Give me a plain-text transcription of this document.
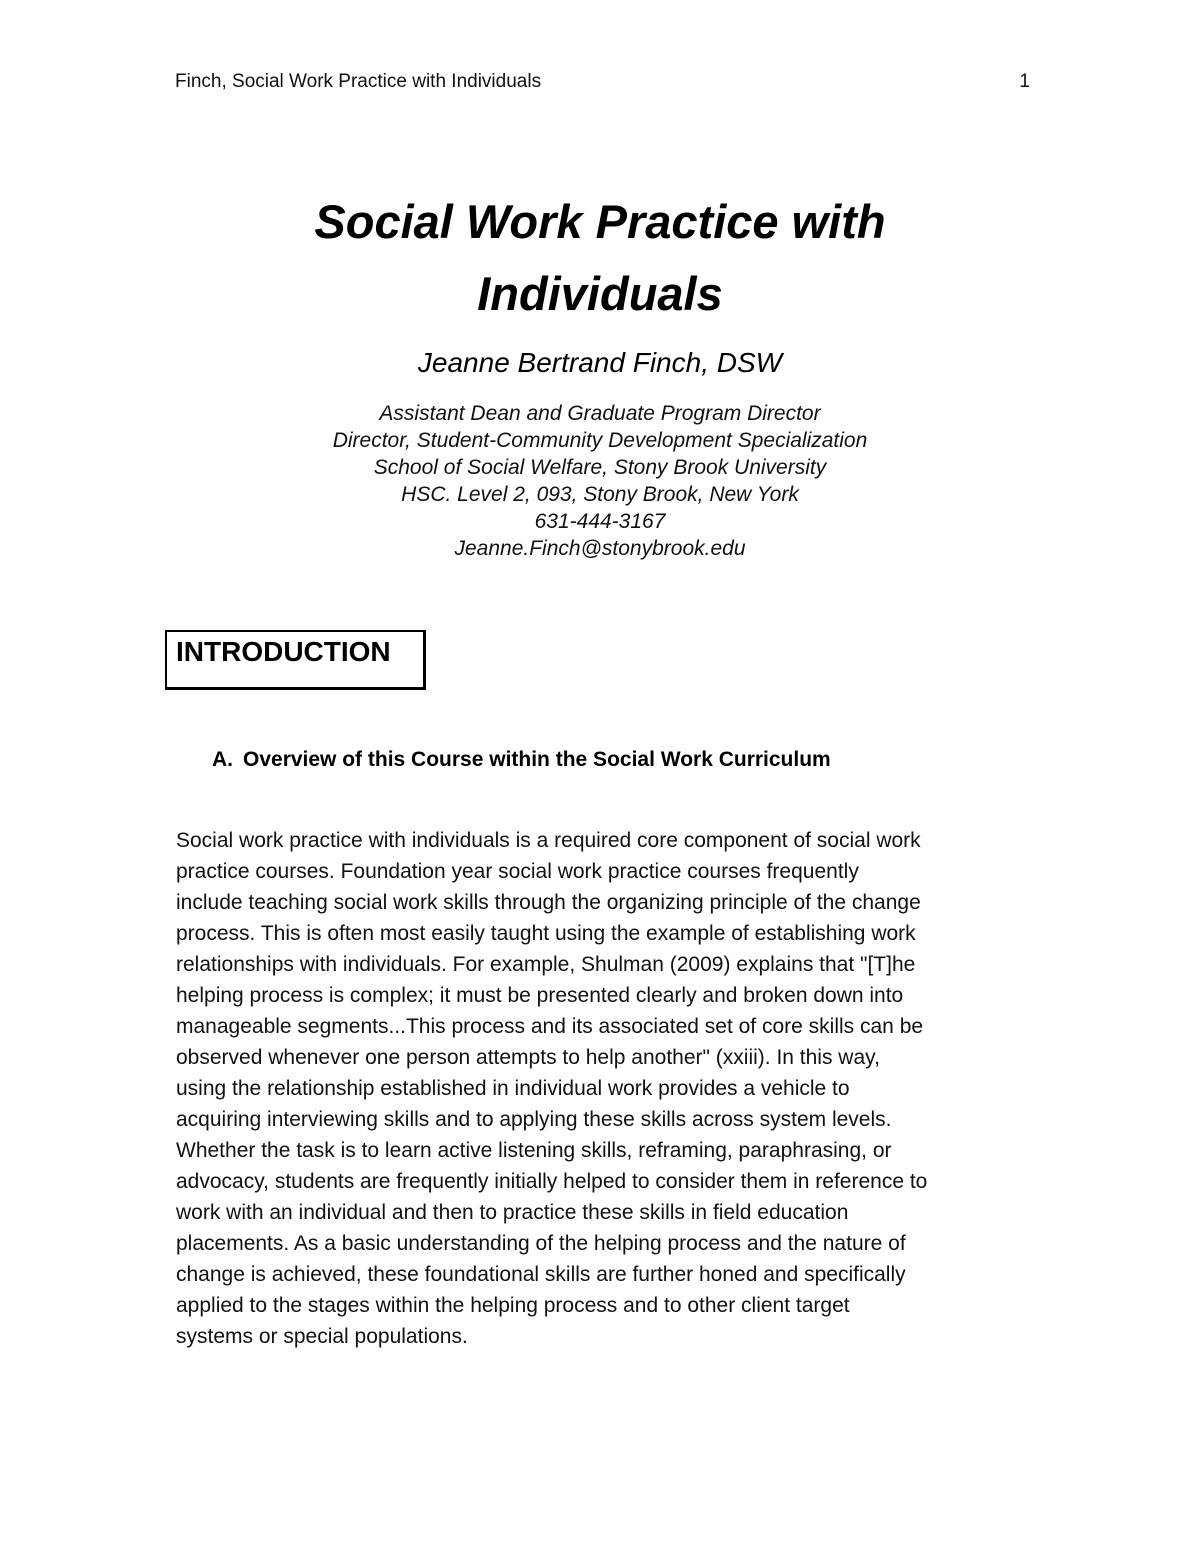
Finch, Social Work Practice with Individuals	1
Social Work Practice with
Individuals
Jeanne Bertrand Finch, DSW
Assistant Dean and Graduate Program Director
Director, Student-Community Development Specialization
School of Social Welfare, Stony Brook University
HSC. Level 2, 093, Stony Brook, New York
631-444-3167
Jeanne.Finch@stonybrook.edu
INTRODUCTION
A. Overview of this Course within the Social Work Curriculum
Social work practice with individuals is a required core component of social work
practice courses. Foundation year social work practice courses frequently
include teaching social work skills through the organizing principle of the change
process. This is often most easily taught using the example of establishing work
relationships with individuals. For example, Shulman (2009) explains that "[T]he
helping process is complex; it must be presented clearly and broken down into
manageable segments...This process and its associated set of core skills can be
observed whenever one person attempts to help another" (xxiii). In this way,
using the relationship established in individual work provides a vehicle to
acquiring interviewing skills and to applying these skills across system levels.
Whether the task is to learn active listening skills, reframing, paraphrasing, or
advocacy, students are frequently initially helped to consider them in reference to
work with an individual and then to practice these skills in field education
placements. As a basic understanding of the helping process and the nature of
change is achieved, these foundational skills are further honed and specifically
applied to the stages within the helping process and to other client target
systems or special populations.
